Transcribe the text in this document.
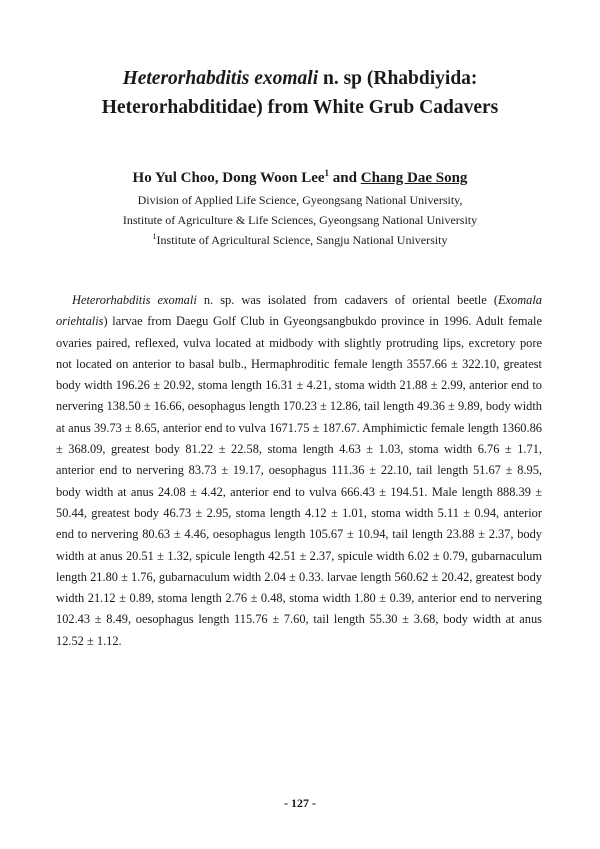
Heterorhabditis exomali n. sp (Rhabdiyida:
Heterorhabditidae) from White Grub Cadavers
Ho Yul Choo, Dong Woon Lee$^1$ and Chang Dae Song
Division of Applied Life Science, Gyeongsang National University,
Institute of Agriculture & Life Sciences, Gyeongsang National University
$^1$Institute of Agricultural Science, Sangju National University
Heterorhabditis exomali n. sp. was isolated from cadavers of oriental beetle (Exomala oriehtalis) larvae from Daegu Golf Club in Gyeongsangbukdo province in 1996. Adult female ovaries paired, reflexed, vulva located at midbody with slightly protruding lips, excretory pore not located on anterior to basal bulb., Hermaphroditic female length 3557.66 ± 322.10, greatest body width 196.26 ± 20.92, stoma length 16.31 ± 4.21, stoma width 21.88 ± 2.99, anterior end to nervering 138.50 ± 16.66, oesophagus length 170.23 ± 12.86, tail length 49.36 ± 9.89, body width at anus 39.73 ± 8.65, anterior end to vulva 1671.75 ± 187.67. Amphimictic female length 1360.86 ± 368.09, greatest body 81.22 ± 22.58, stoma length 4.63 ± 1.03, stoma width 6.76 ± 1.71, anterior end to nervering 83.73 ± 19.17, oesophagus 111.36 ± 22.10, tail length 51.67 ± 8.95, body width at anus 24.08 ± 4.42, anterior end to vulva 666.43 ± 194.51. Male length 888.39 ± 50.44, greatest body 46.73 ± 2.95, stoma length 4.12 ± 1.01, stoma width 5.11 ± 0.94, anterior end to nervering 80.63 ± 4.46, oesophagus length 105.67 ± 10.94, tail length 23.88 ± 2.37, body width at anus 20.51 ± 1.32, spicule length 42.51 ± 2.37, spicule width 6.02 ± 0.79, gubarnaculum length 21.80 ± 1.76, gubarnaculum width 2.04 ± 0.33. larvae length 560.62 ± 20.42, greatest body width 21.12 ± 0.89, stoma length 2.76 ± 0.48, stoma width 1.80 ± 0.39, anterior end to nervering 102.43 ± 8.49, oesophagus length 115.76 ± 7.60, tail length 55.30 ± 3.68, body width at anus 12.52 ± 1.12.
- 127 -
